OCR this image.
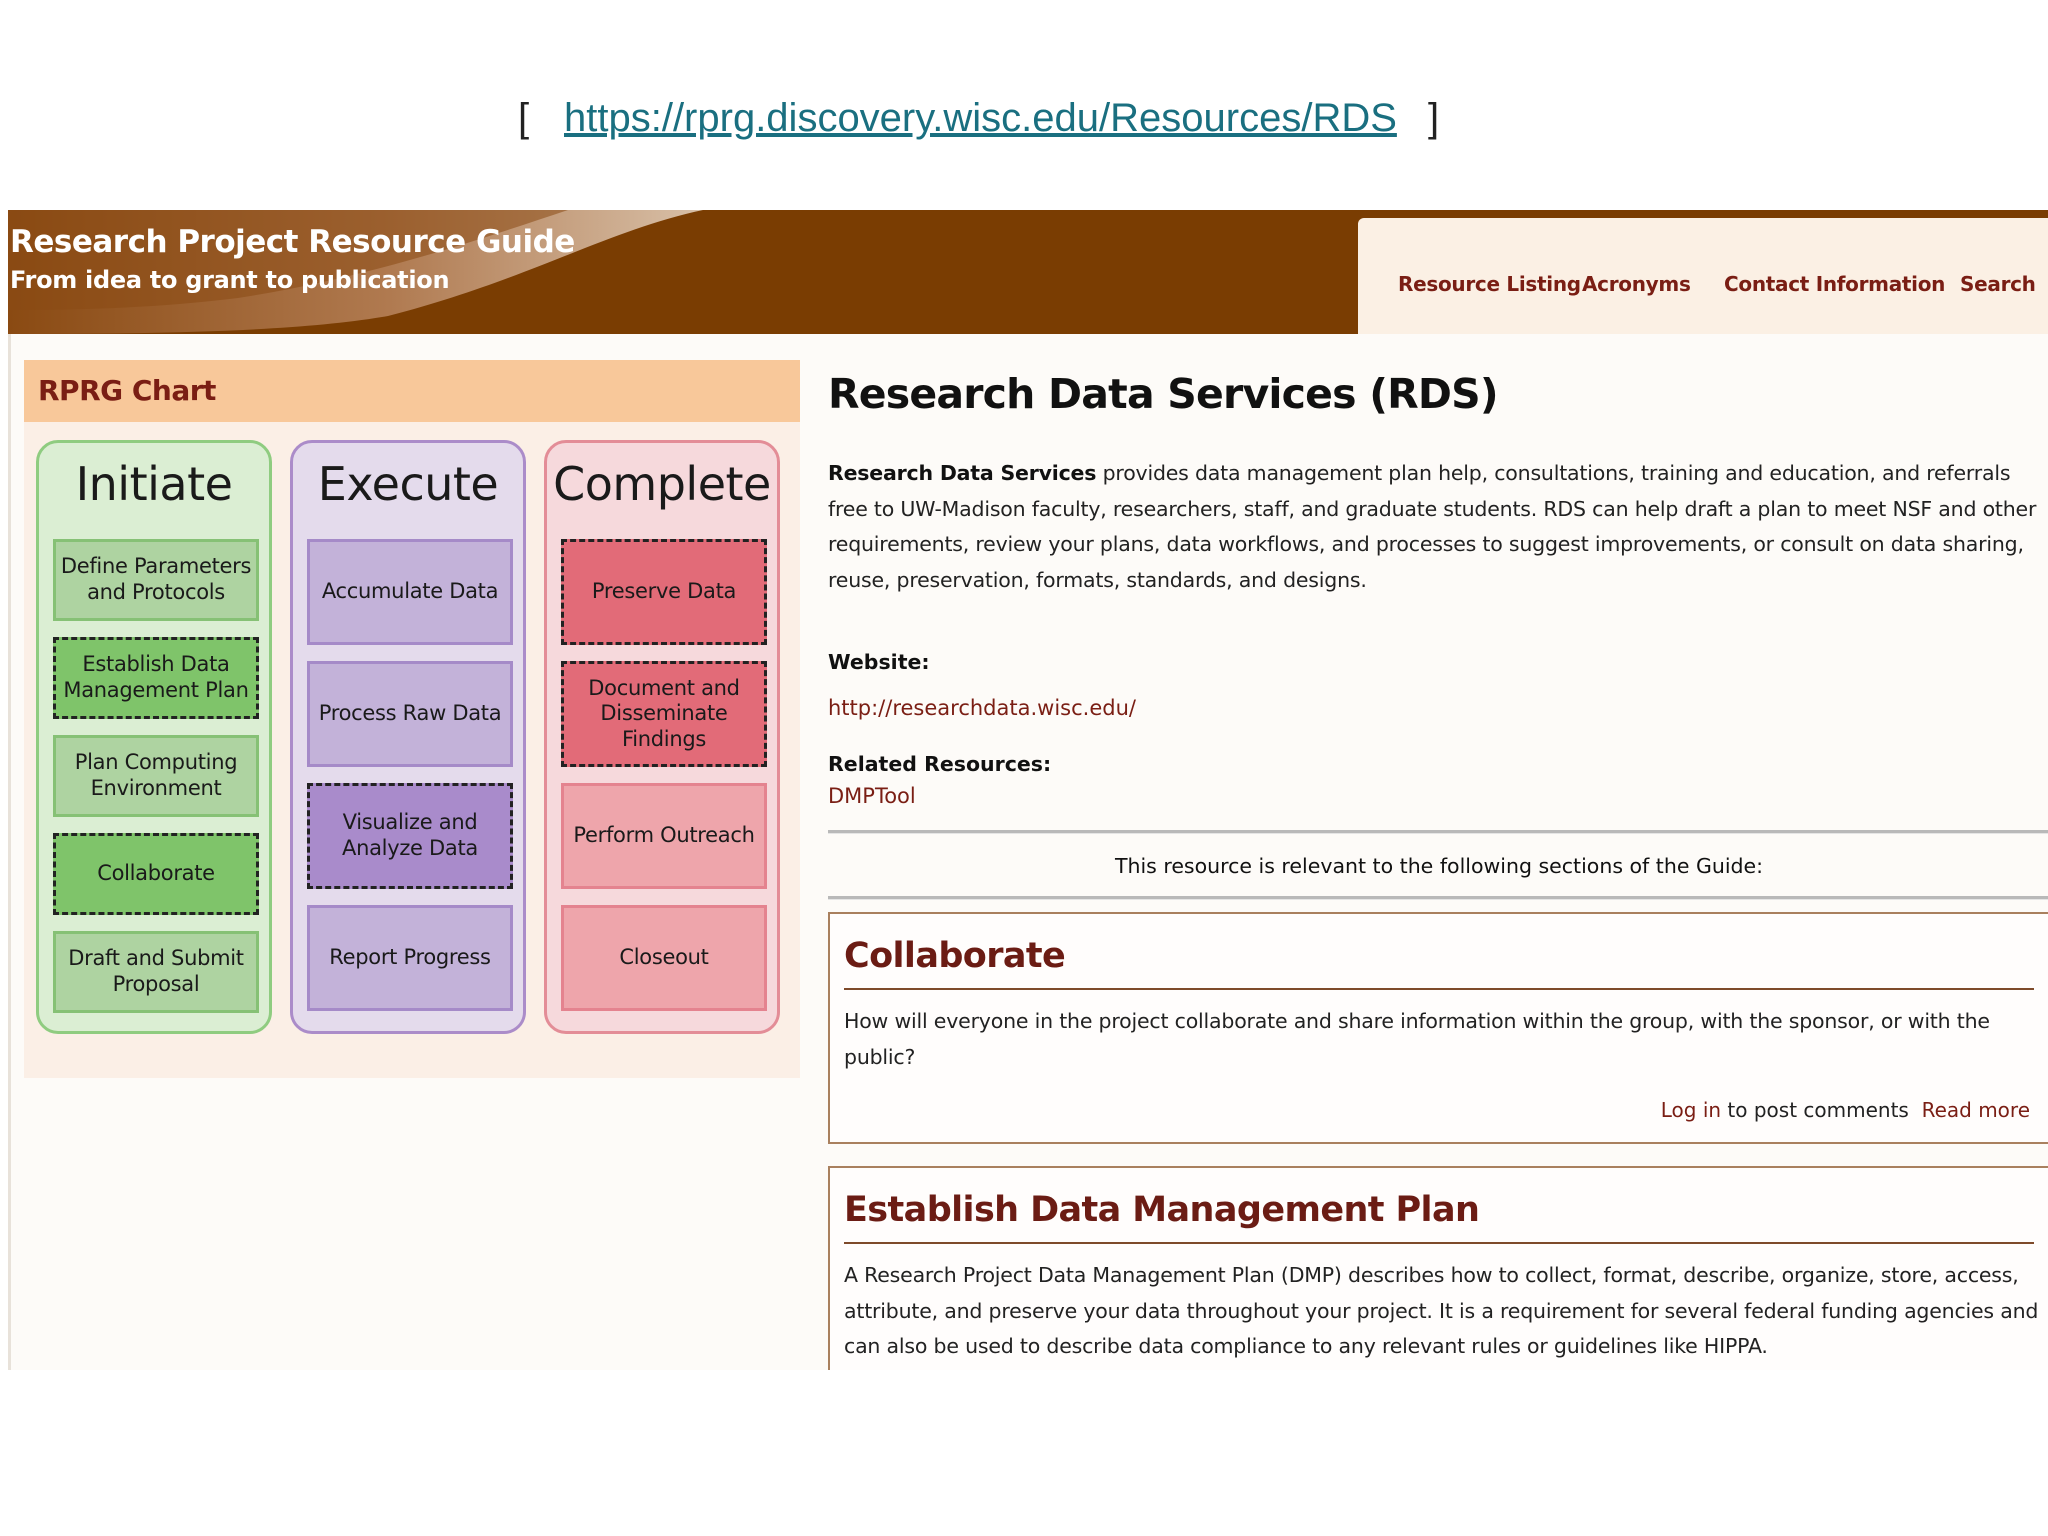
[ https://rprg.discovery.wisc.edu/Resources/RDS ]
Research Project Resource Guide
From idea to grant to publication	Resource Listing Acronyms Contact Information Search
RPRG Chart
Initiate
Define Parameters and Protocols
Establish Data Management Plan
Plan Computing Environment
Collaborate
Draft and Submit Proposal
Execute
Accumulate Data
Process Raw Data
Visualize and Analyze Data
Report Progress
Complete
Preserve Data
Document and Disseminate Findings
Perform Outreach
Closeout
Research Data Services (RDS)
Research Data Services provides data management plan help, consultations, training and education, and referrals free to UW-Madison faculty, researchers, staff, and graduate students. RDS can help draft a plan to meet NSF and other requirements, review your plans, data workflows, and processes to suggest improvements, or consult on data sharing, reuse, preservation, formats, standards, and designs.
Website:
http://researchdata.wisc.edu/
Related Resources:
DMPTool
This resource is relevant to the following sections of the Guide:
Collaborate
How will everyone in the project collaborate and share information within the group, with the sponsor, or with the public?
Log in to post comments Read more
Establish Data Management Plan
A Research Project Data Management Plan (DMP) describes how to collect, format, describe, organize, store, access, attribute, and preserve your data throughout your project. It is a requirement for several federal funding agencies and can also be used to describe data compliance to any relevant rules or guidelines like HIPPA.
